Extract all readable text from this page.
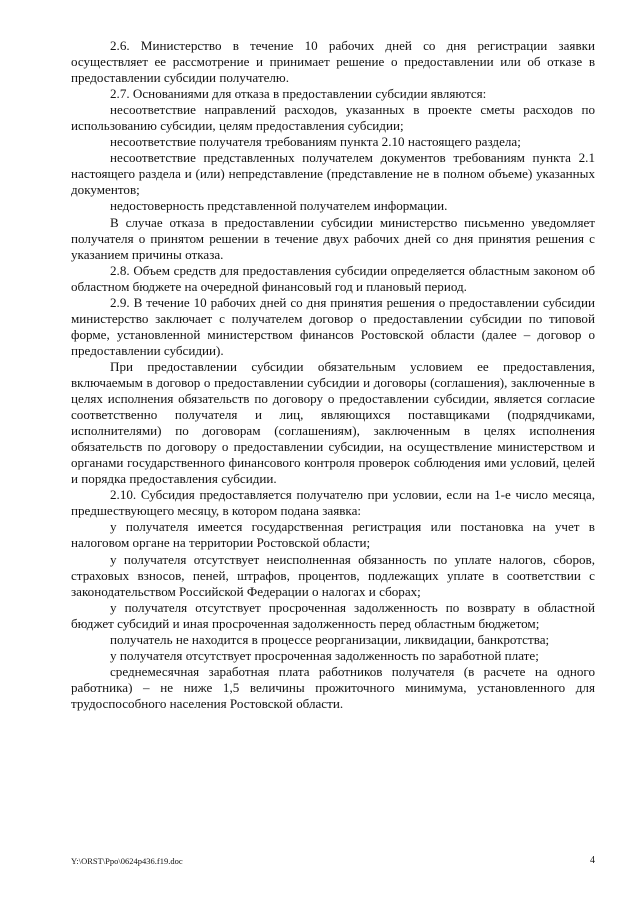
2.6. Министерство в течение 10 рабочих дней со дня регистрации заявки осуществляет ее рассмотрение и принимает решение о предоставлении или об отказе в предоставлении субсидии получателю.

2.7. Основаниями для отказа в предоставлении субсидии являются:

несоответствие направлений расходов, указанных в проекте сметы расходов по использованию субсидии, целям предоставления субсидии;

несоответствие получателя требованиям пункта 2.10 настоящего раздела;

несоответствие представленных получателем документов требованиям пункта 2.1 настоящего раздела и (или) непредставление (представление не в полном объеме) указанных документов;

недостоверность представленной получателем информации.

В случае отказа в предоставлении субсидии министерство письменно уведомляет получателя о принятом решении в течение двух рабочих дней со дня принятия решения с указанием причины отказа.

2.8. Объем средств для предоставления субсидии определяется областным законом об областном бюджете на очередной финансовый год и плановый период.

2.9. В течение 10 рабочих дней со дня принятия решения о предоставлении субсидии министерство заключает с получателем договор о предоставлении субсидии по типовой форме, установленной министерством финансов Ростовской области (далее – договор о предоставлении субсидии).

При предоставлении субсидии обязательным условием ее предоставления, включаемым в договор о предоставлении субсидии и договоры (соглашения), заключенные в целях исполнения обязательств по договору о предоставлении субсидии, является согласие соответственно получателя и лиц, являющихся поставщиками (подрядчиками, исполнителями) по договорам (соглашениям), заключенным в целях исполнения обязательств по договору о предоставлении субсидии, на осуществление министерством и органами государственного финансового контроля проверок соблюдения ими условий, целей и порядка предоставления субсидии.

2.10. Субсидия предоставляется получателю при условии, если на 1-е число месяца, предшествующего месяцу, в котором подана заявка:

у получателя имеется государственная регистрация или постановка на учет в налоговом органе на территории Ростовской области;

у получателя отсутствует неисполненная обязанность по уплате налогов, сборов, страховых взносов, пеней, штрафов, процентов, подлежащих уплате в соответствии с законодательством Российской Федерации о налогах и сборах;

у получателя отсутствует просроченная задолженность по возврату в областной бюджет субсидий и иная просроченная задолженность перед областным бюджетом;

получатель не находится в процессе реорганизации, ликвидации, банкротства;

у получателя отсутствует просроченная задолженность по заработной плате;

среднемесячная заработная плата работников получателя (в расчете на одного работника) – не ниже 1,5 величины прожиточного минимума, установленного для трудоспособного населения Ростовской области.

Y:\ORST\Ppo\0624p436.f19.doc	4
